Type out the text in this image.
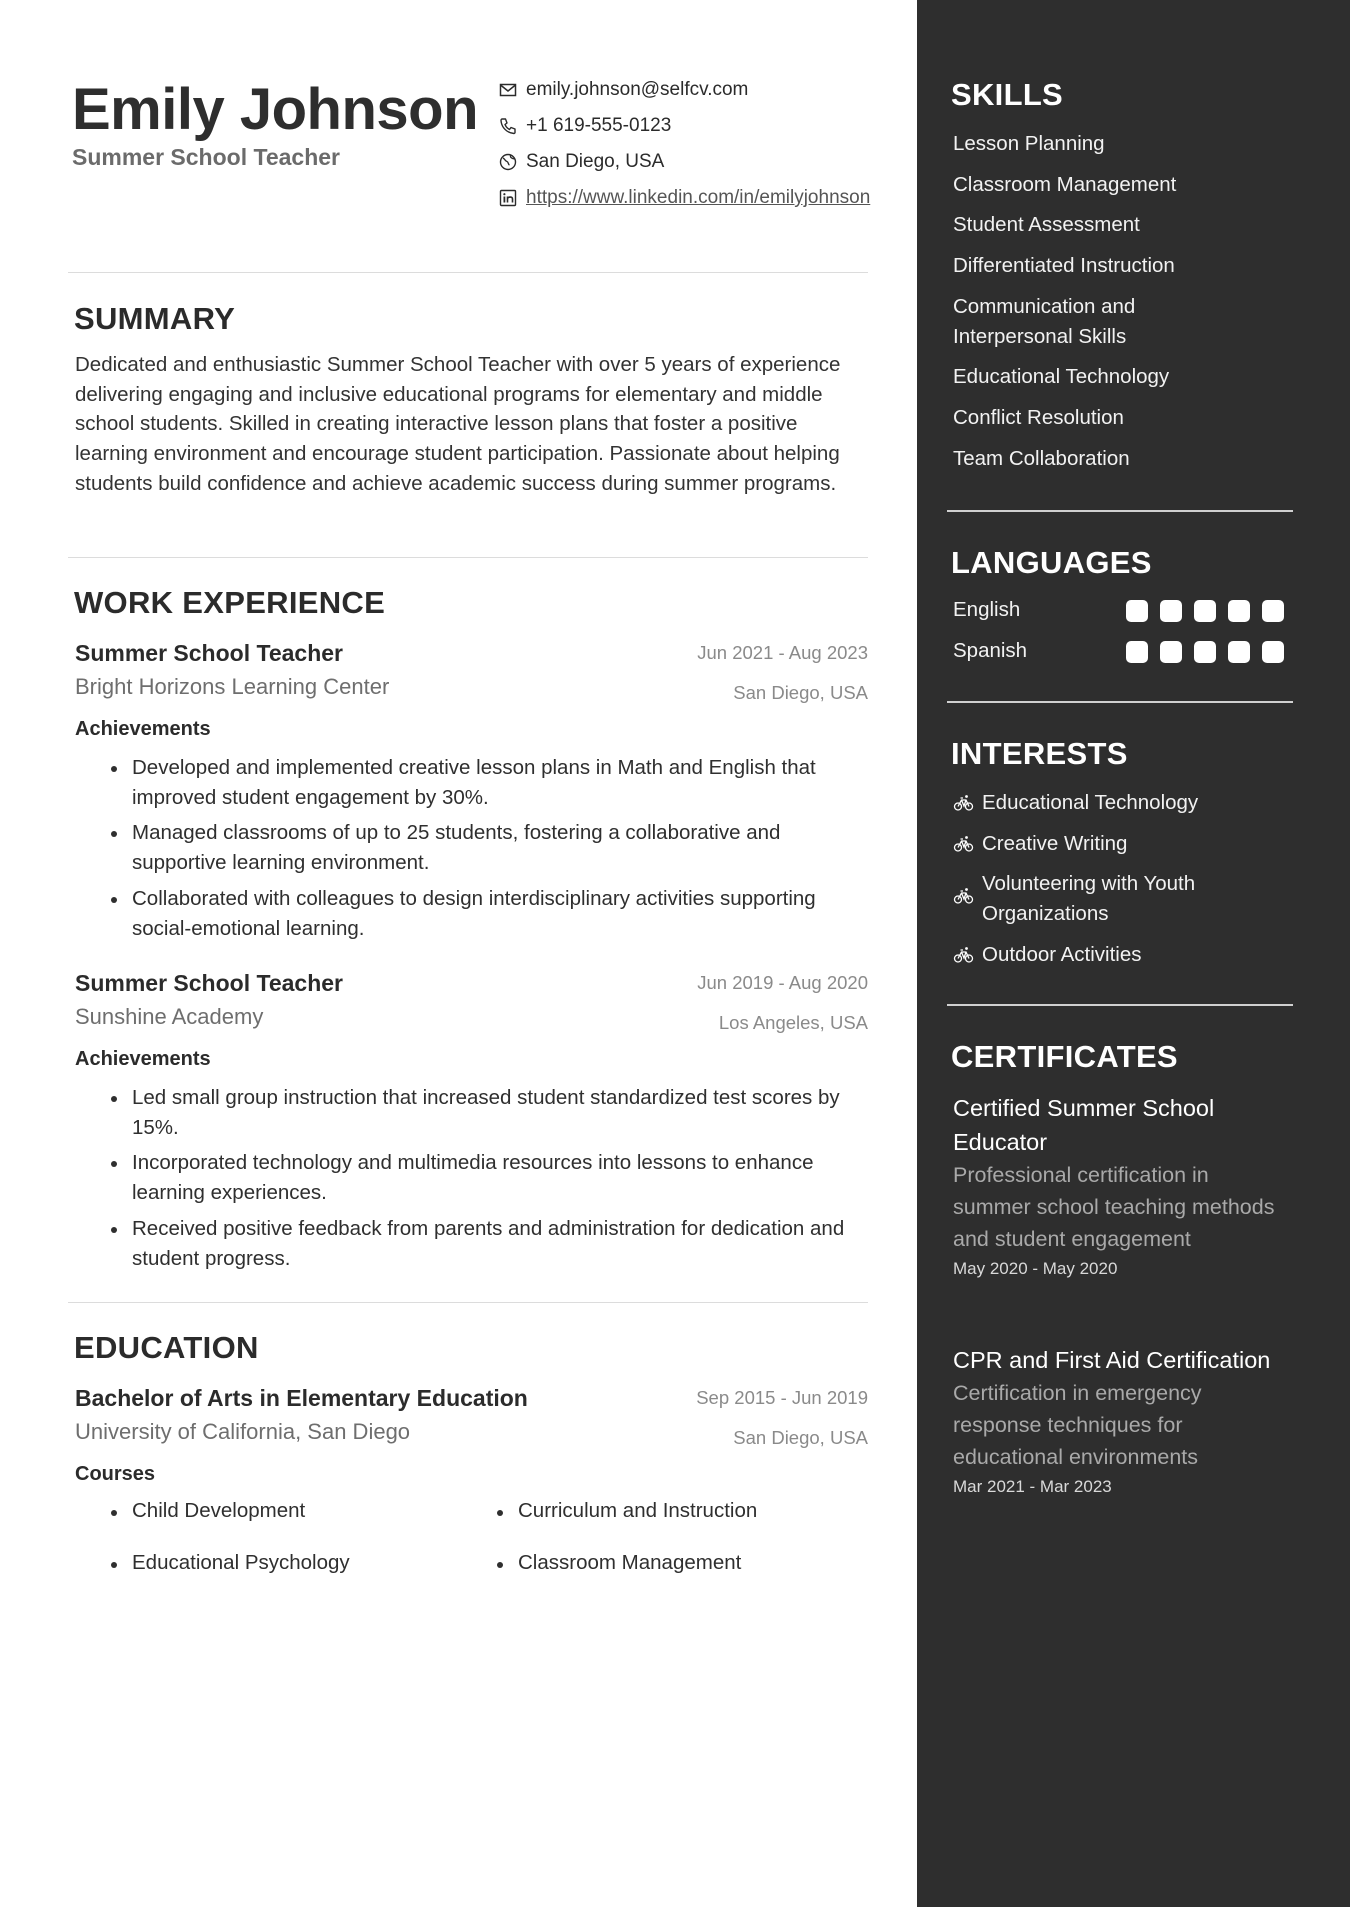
Emily Johnson
Summer School Teacher
emily.johnson@selfcv.com
+1 619-555-0123
San Diego, USA
https://www.linkedin.com/in/emilyjohnson
SUMMARY

Dedicated and enthusiastic Summer School Teacher with over 5 years of experience delivering engaging and inclusive educational programs for elementary and middle school students. Skilled in creating interactive lesson plans that foster a positive learning environment and encourage student participation. Passionate about helping students build confidence and achieve academic success during summer programs.

WORK EXPERIENCE
Summer School Teacher	Jun 2021 - Aug 2023
Bright Horizons Learning Center	San Diego, USA
Achievements
Developed and implemented creative lesson plans in Math and English that improved student engagement by 30%.
Managed classrooms of up to 25 students, fostering a collaborative and supportive learning environment.
Collaborated with colleagues to design interdisciplinary activities supporting social-emotional learning.
Summer School Teacher	Jun 2019 - Aug 2020
Sunshine Academy	Los Angeles, USA
Achievements
Led small group instruction that increased student standardized test scores by 15%.
Incorporated technology and multimedia resources into lessons to enhance learning experiences.
Received positive feedback from parents and administration for dedication and student progress.
EDUCATION
Bachelor of Arts in Elementary Education	Sep 2015 - Jun 2019
University of California, San Diego	San Diego, USA
Courses
Child Development	Curriculum and Instruction
Educational Psychology	Classroom Management
SKILLS
Lesson Planning
Classroom Management
Student Assessment
Differentiated Instruction
Communication and Interpersonal Skills
Educational Technology
Conflict Resolution
Team Collaboration
LANGUAGES
English
Spanish
INTERESTS
Educational Technology
Creative Writing
Volunteering with Youth Organizations
Outdoor Activities
CERTIFICATES
Certified Summer School Educator
Professional certification in summer school teaching methods and student engagement
May 2020 - May 2020
CPR and First Aid Certification
Certification in emergency response techniques for educational environments
Mar 2021 - Mar 2023
